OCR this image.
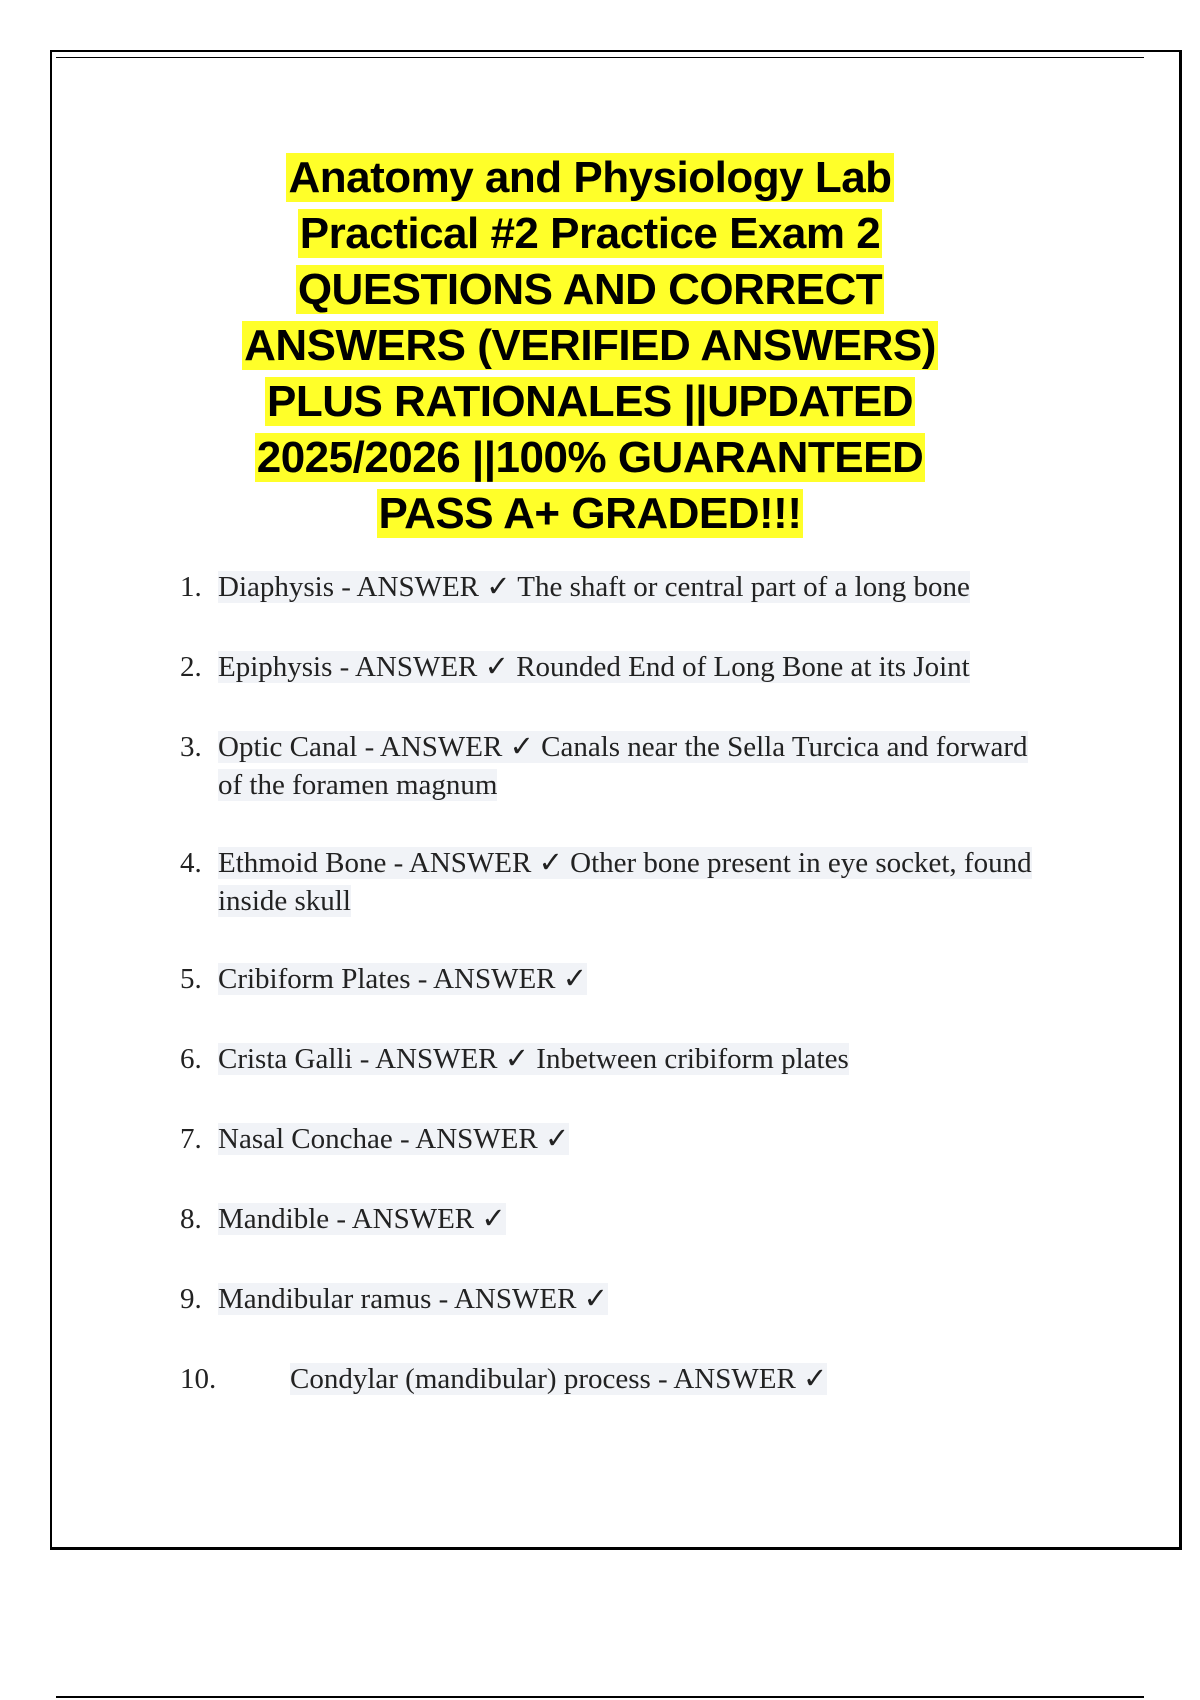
Anatomy and Physiology Lab
Practical #2 Practice Exam 2
QUESTIONS AND CORRECT
ANSWERS (VERIFIED ANSWERS)
PLUS RATIONALES ||UPDATED
2025/2026 ||100% GUARANTEED
PASS A+ GRADED!!!
1. Diaphysis - ANSWER ✓ The shaft or central part of a long bone
2. Epiphysis - ANSWER ✓ Rounded End of Long Bone at its Joint
3. Optic Canal - ANSWER ✓ Canals near the Sella Turcica and forward of the foramen magnum
4. Ethmoid Bone - ANSWER ✓ Other bone present in eye socket, found inside skull
5. Cribiform Plates - ANSWER ✓
6. Crista Galli - ANSWER ✓ Inbetween cribiform plates
7. Nasal Conchae - ANSWER ✓
8. Mandible - ANSWER ✓
9. Mandibular ramus - ANSWER ✓
10.	Condylar (mandibular) process - ANSWER ✓
